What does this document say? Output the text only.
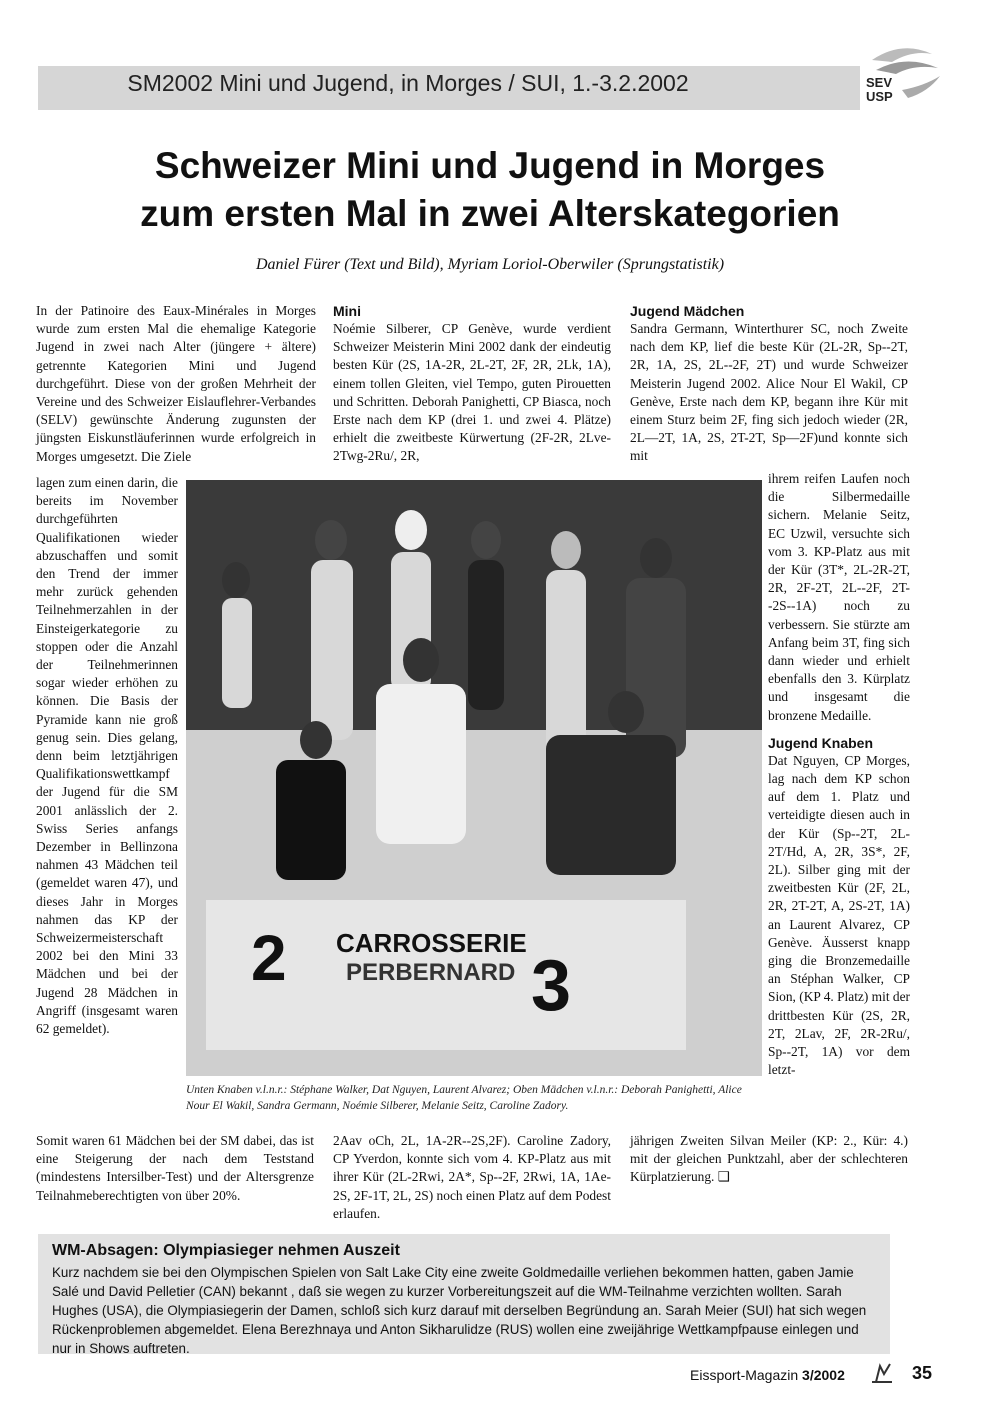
SM2002 Mini und Jugend, in Morges / SUI, 1.-3.2.2002	SEV
USP
Schweizer Mini und Jugend in Morges
zum ersten Mal in zwei Alterskategorien
Daniel Fürer (Text und Bild), Myriam Loriol-Oberwiler (Sprungstatistik)

In der Patinoire des Eaux-Minérales in Morges wurde zum ersten Mal die ehemalige Kategorie Jugend in zwei nach Alter (jüngere + ältere) getrennte Kategorien Mini und Jugend durchgeführt. Diese von der großen Mehrheit der Vereine und des Schweizer Eislauflehrer-Verbandes (SELV) gewünschte Änderung zugunsten der jüngsten Eiskunstläuferinnen wurde erfolgreich in Morges umgesetzt. Die Ziele

lagen zum einen darin, die bereits im November durchgeführten Qualifikationen wieder abzuschaffen und somit den Trend der immer mehr zurück gehenden Teilnehmerzahlen in der Einsteigerkategorie zu stoppen oder die Anzahl der Teilnehmerinnen sogar wieder erhöhen zu können. Die Basis der Pyramide kann nie groß genug sein. Dies gelang, denn beim letztjährigen Qualifikationswettkampf der Jugend für die SM 2001 anlässlich der 2. Swiss Series anfangs Dezember in Bellinzona nahmen 43 Mädchen teil (gemeldet waren 47), und dieses Jahr in Morges nahmen das KP der Schweizermeisterschaft 2002 bei den Mini 33 Mädchen und bei der Jugend 28 Mädchen in Angriff (insgesamt waren 62 gemeldet).

Somit waren 61 Mädchen bei der SM dabei, das ist eine Steigerung der nach dem Teststand (mindestens Intersilber-Test) und der Altersgrenze Teilnahmeberechtigten von über 20%.

Mini

Noémie Silberer, CP Genève, wurde verdient Schweizer Meisterin Mini 2002 dank der eindeutig besten Kür (2S, 1A-2R, 2L-2T, 2F, 2R, 2Lk, 1A), einem tollen Gleiten, viel Tempo, guten Pirouetten und Schritten. Deborah Panighetti, CP Biasca, noch Erste nach dem KP (drei 1. und zwei 4. Plätze) erhielt die zweitbeste Kürwertung (2F-2R, 2Lve-2Twg-2Ru/, 2R,

2Aav oCh, 2L, 1A-2R--2S,2F). Caroline Zadory, CP Yverdon, konnte sich vom 4. KP-Platz aus mit ihrer Kür (2L-2Rwi, 2A*, Sp--2F, 2Rwi, 1A, 1Ae-2S, 2F-1T, 2L, 2S) noch einen Platz auf dem Podest erlaufen.

Jugend Mädchen

Sandra Germann, Winterthurer SC, noch Zweite nach dem KP, lief die beste Kür (2L-2R, Sp--2T, 2R, 1A, 2S, 2L--2F, 2T) und wurde Schweizer Meisterin Jugend 2002. Alice Nour El Wakil, CP Genève, Erste nach dem KP, begann ihre Kür mit einem Sturz beim 2F, fing sich jedoch wieder (2R, 2L—2T, 1A, 2S, 2T-2T, Sp—2F)und konnte sich mit

ihrem reifen Laufen noch die Silbermedaille sichern. Melanie Seitz, EC Uzwil, versuchte sich vom 3. KP-Platz aus mit der Kür (3T*, 2L-2R-2T, 2R, 2F-2T, 2L--2F, 2T--2S--1A) noch zu verbessern. Sie stürzte am Anfang beim 3T, fing sich dann wieder und erhielt ebenfalls den 3. Kürplatz und insgesamt die bronzene Medaille.

Jugend Knaben

Dat Nguyen, CP Morges, lag nach dem KP schon auf dem 1. Platz und verteidigte diesen auch in der Kür (Sp--2T, 2L-2T/Hd, A, 2R, 3S*, 2F, 2L). Silber ging mit der zweitbesten Kür (2F, 2L, 2R, 2T-2T, A, 2S-2T, 1A) an Laurent Alvarez, CP Genève. Äusserst knapp ging die Bronzemedaille an Stéphan Walker, CP Sion, (KP 4. Platz) mit der drittbesten Kür (2S, 2R, 2T, 2Lav, 2F, 2R-2Ru/, Sp--2T, 1A) vor dem letzt-

jährigen Zweiten Silvan Meiler (KP: 2., Kür: 4.) mit der gleichen Punktzahl, aber der schlechteren Kürplatzierung. ❑

2	3
CARROSSERIE
PERBERNARD
Unten Knaben v.l.n.r.: Stéphane Walker, Dat Nguyen, Laurent Alvarez; Oben Mädchen v.l.n.r.: Deborah Panighetti, Alice Nour El Wakil, Sandra Germann, Noémie Silberer, Melanie Seitz, Caroline Zadory.
WM-Absagen: Olympiasieger nehmen Auszeit
Kurz nachdem sie bei den Olympischen Spielen von Salt Lake City eine zweite Goldmedaille verliehen bekommen hatten, gaben Jamie Salé und David Pelletier (CAN) bekannt , daß sie wegen zu kurzer Vorbereitungszeit auf die WM-Teilnahme verzichten wollten. Sarah Hughes (USA), die Olympiasiegerin der Damen, schloß sich kurz darauf mit derselben Begründung an. Sarah Meier (SUI) hat sich wegen Rückenproblemen abgemeldet. Elena Berezhnaya und Anton Sikharulidze (RUS) wollen eine zweijährige Wettkampfpause einlegen und nur in Shows auftreten.
Eissport-Magazin 3/2002	35
